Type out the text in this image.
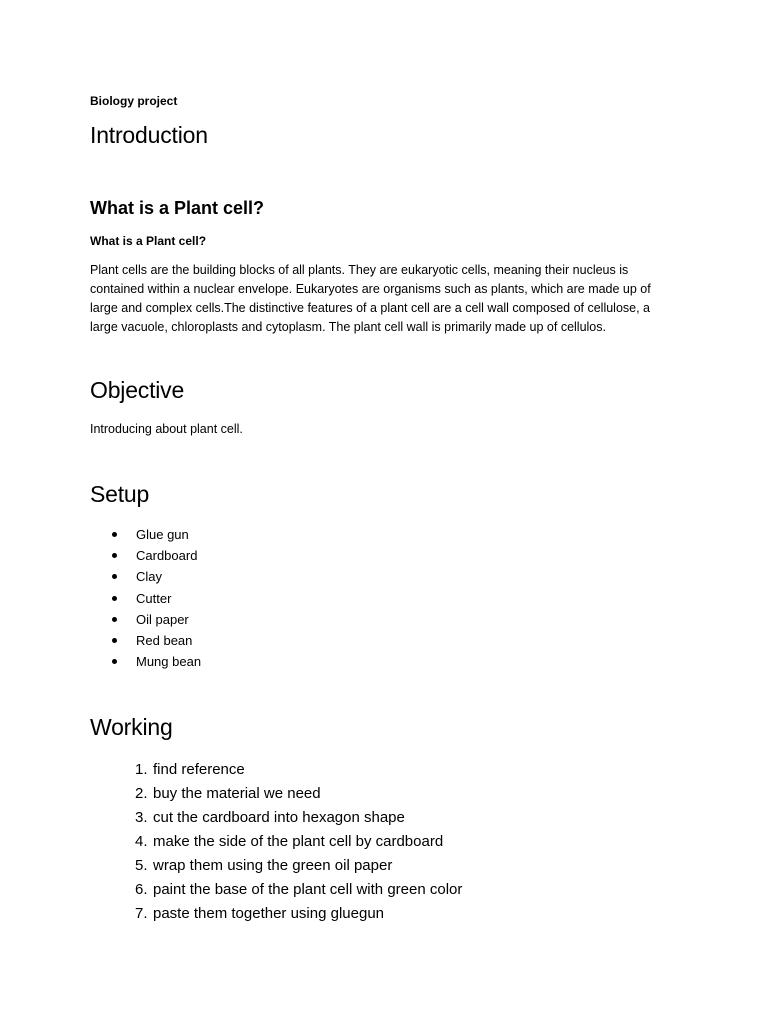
Biology project

Introduction
What is a Plant cell?
What is a Plant cell?
Plant cells are the building blocks of all plants. They are eukaryotic cells, meaning their nucleus is
contained within a nuclear envelope. Eukaryotes are organisms such as plants, which are made up of
large and complex cells.The distinctive features of a plant cell are a cell wall composed of cellulose, a
large vacuole, chloroplasts and cytoplasm. The plant cell wall is primarily made up of cellulos.
Objective

Introducing about plant cell.

Setup
Glue gun
Cardboard
Clay
Cutter
Oil paper
Red bean
Mung bean
Working
1. find reference
2. buy the material we need
3. cut the cardboard into hexagon shape
4. make the side of the plant cell by cardboard
5. wrap them using the green oil paper
6. paint the base of the plant cell with green color
7. paste them together using gluegun
